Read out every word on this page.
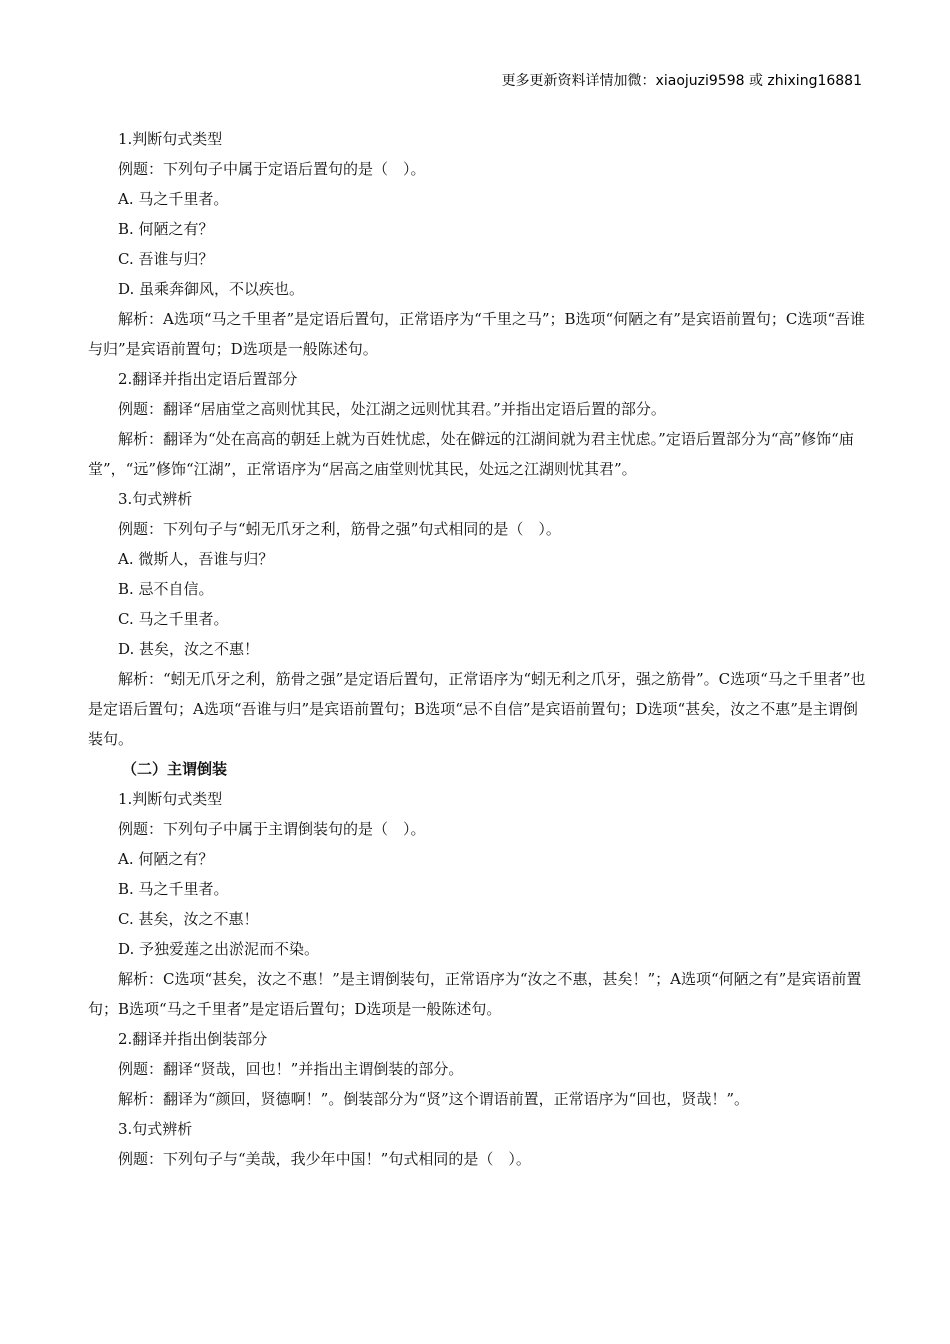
更多更新资料详情加微：xiaojuzi9598 或 zhixing16881

1.判断句式类型

例题：下列句子中属于定语后置句的是（　）。

A. 马之千里者。

B. 何陋之有？

C. 吾谁与归？

D. 虽乘奔御风，不以疾也。

解析：A选项“马之千里者”是定语后置句，正常语序为“千里之马”；B选项“何陋之有”是宾语前置句；C选项“吾谁与归”是宾语前置句；D选项是一般陈述句。

2.翻译并指出定语后置部分

例题：翻译“居庙堂之高则忧其民，处江湖之远则忧其君。”并指出定语后置的部分。

解析：翻译为“处在高高的朝廷上就为百姓忧虑，处在僻远的江湖间就为君主忧虑。”定语后置部分为“高”修饰“庙堂”，“远”修饰“江湖”，正常语序为“居高之庙堂则忧其民，处远之江湖则忧其君”。

3.句式辨析

例题：下列句子与“蚓无爪牙之利，筋骨之强”句式相同的是（　）。

A. 微斯人，吾谁与归？

B. 忌不自信。

C. 马之千里者。

D. 甚矣，汝之不惠！

解析：“蚓无爪牙之利，筋骨之强”是定语后置句，正常语序为“蚓无利之爪牙，强之筋骨”。C选项“马之千里者”也是定语后置句；A选项“吾谁与归”是宾语前置句；B选项“忌不自信”是宾语前置句；D选项“甚矣，汝之不惠”是主谓倒装句。

（二）主谓倒装

1.判断句式类型

例题：下列句子中属于主谓倒装句的是（　）。

A. 何陋之有？

B. 马之千里者。

C. 甚矣，汝之不惠！

D. 予独爱莲之出淤泥而不染。

解析：C选项“甚矣，汝之不惠！”是主谓倒装句，正常语序为“汝之不惠，甚矣！”；A选项“何陋之有”是宾语前置句；B选项“马之千里者”是定语后置句；D选项是一般陈述句。

2.翻译并指出倒装部分

例题：翻译“贤哉，回也！”并指出主谓倒装的部分。

解析：翻译为“颜回，贤德啊！”。倒装部分为“贤”这个谓语前置，正常语序为“回也，贤哉！”。

3.句式辨析

例题：下列句子与“美哉，我少年中国！”句式相同的是（　）。
